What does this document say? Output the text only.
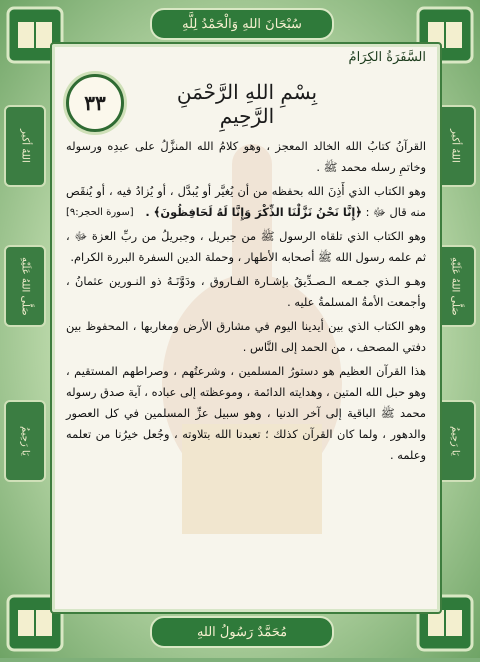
سُبْحَانَ اللهِ وَالْحَمْدُ لِلَّهِ
مُحَمَّدٌ رَسُولُ اللهِ
اللهُ أكبر
صَلَّى اللهُ عَلَيْهِ
يَا رَحِيمُ
اللهُ أكبر
صَلَّى اللهُ عَلَيْهِ
يَا رَحِيمُ
السَّفَرَةُ الكِرَامُ
٣٣	بِسْمِ اللهِ الرَّحْمَنِ الرَّحِيمِ

القرآنُ كتابُ الله الخالد المعجز ، وهو كلامُ الله المنزَّلُ على عبدِه ورسوله وخاتمِ رسله محمد ﷺ .

وهو الكتاب الذي أَذِنَ الله بحفظه من أن يُغيَّر أو يُبدَّل ، أو يُزادُ فيه ، أو يُنقَص منه قال ﷻ : ﴿إِنَّا نَحْنُ نَزَّلْنَا الذِّكْرَ وَإِنَّا لَهُ لَحَافِظُونَ﴾ .
[سورة الحجر:٩]

وهو الكتاب الذي تلقاه الرسول ﷺ من جبريل ، وجبريلُ من ربِّ العزة ﷻ ، ثم علمه رسول الله ﷺ أصحابه الأطهار ، وحملة الدين السفرة البررة الكرام.

وهـو الـذي جمـعه الـصـدِّيقُ بإشـارة الفـاروق ، ودَوَّنَـهُ ذو النـورين عثمانُ ، وأجمعت الأمةُ المسلمةُ عليه .

وهو الكتاب الذي بين أيدينا اليوم في مشارق الأرض ومغاربها ، المحفوظ بين دفتي المصحف ، من الحمد إلى النَّاس .

هذا القرآن العظيم هو دستورُ المسلمين ، وشرعتُهم ، وصراطهم المستقيم ، وهو حبل الله المتين ، وهدايته الدائمة ، وموعظته إلى عباده ، آية صدق رسوله محمد ﷺ الباقية إلى آخر الدنيا ، وهو سبيل عزِّ المسلمين في كل العصور والدهور ، ولما كان القرآن كذلك ؛ تعبدنا الله بتلاوته ، وجُعل خيرُنا من تعلمه وعلمه .
